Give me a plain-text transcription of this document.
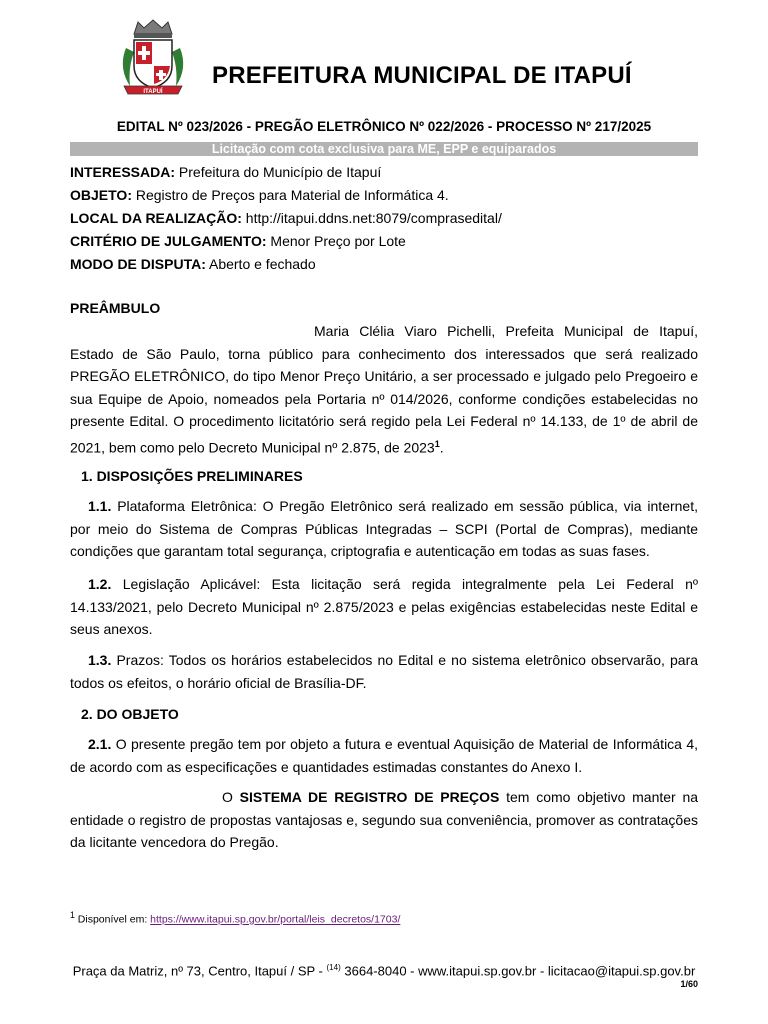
ITAPUÍ
PREFEITURA MUNICIPAL DE ITAPUÍ
EDITAL Nº 023/2026 - PREGÃO ELETRÔNICO Nº 022/2026 - PROCESSO Nº 217/2025
Licitação com cota exclusiva para ME, EPP e equiparados
INTERESSADA: Prefeitura do Município de Itapuí
OBJETO: Registro de Preços para Material de Informática 4.
LOCAL DA REALIZAÇÃO: http://itapui.ddns.net:8079/comprasedital/
CRITÉRIO DE JULGAMENTO: Menor Preço por Lote
MODO DE DISPUTA: Aberto e fechado
PREÂMBULO
Maria Clélia Viaro Pichelli, Prefeita Municipal de Itapuí, Estado de São Paulo, torna público para conhecimento dos interessados que será realizado PREGÃO ELETRÔNICO, do tipo Menor Preço Unitário, a ser processado e julgado pelo Pregoeiro e sua Equipe de Apoio, nomeados pela Portaria nº 014/2026, conforme condições estabelecidas no presente Edital. O procedimento licitatório será regido pela Lei Federal nº 14.133, de 1º de abril de 2021, bem como pelo Decreto Municipal nº 2.875, de 2023$^1$.
1. DISPOSIÇÕES PRELIMINARES
1.1. Plataforma Eletrônica: O Pregão Eletrônico será realizado em sessão pública, via internet, por meio do Sistema de Compras Públicas Integradas – SCPI (Portal de Compras), mediante condições que garantam total segurança, criptografia e autenticação em todas as suas fases.
1.2. Legislação Aplicável: Esta licitação será regida integralmente pela Lei Federal nº 14.133/2021, pelo Decreto Municipal nº 2.875/2023 e pelas exigências estabelecidas neste Edital e seus anexos.
1.3. Prazos: Todos os horários estabelecidos no Edital e no sistema eletrônico observarão, para todos os efeitos, o horário oficial de Brasília-DF.
2. DO OBJETO
2.1. O presente pregão tem por objeto a futura e eventual Aquisição de Material de Informática 4, de acordo com as especificações e quantidades estimadas constantes do Anexo I.
O SISTEMA DE REGISTRO DE PREÇOS tem como objetivo manter na entidade o registro de propostas vantajosas e, segundo sua conveniência, promover as contratações da licitante vencedora do Pregão.
$^1$ Disponível em: https://www.itapui.sp.gov.br/portal/leis_decretos/1703/
Praça da Matriz, nº 73, Centro, Itapuí / SP - $^{(14)}$ 3664-8040 - www.itapui.sp.gov.br - licitacao@itapui.sp.gov.br
1/60
